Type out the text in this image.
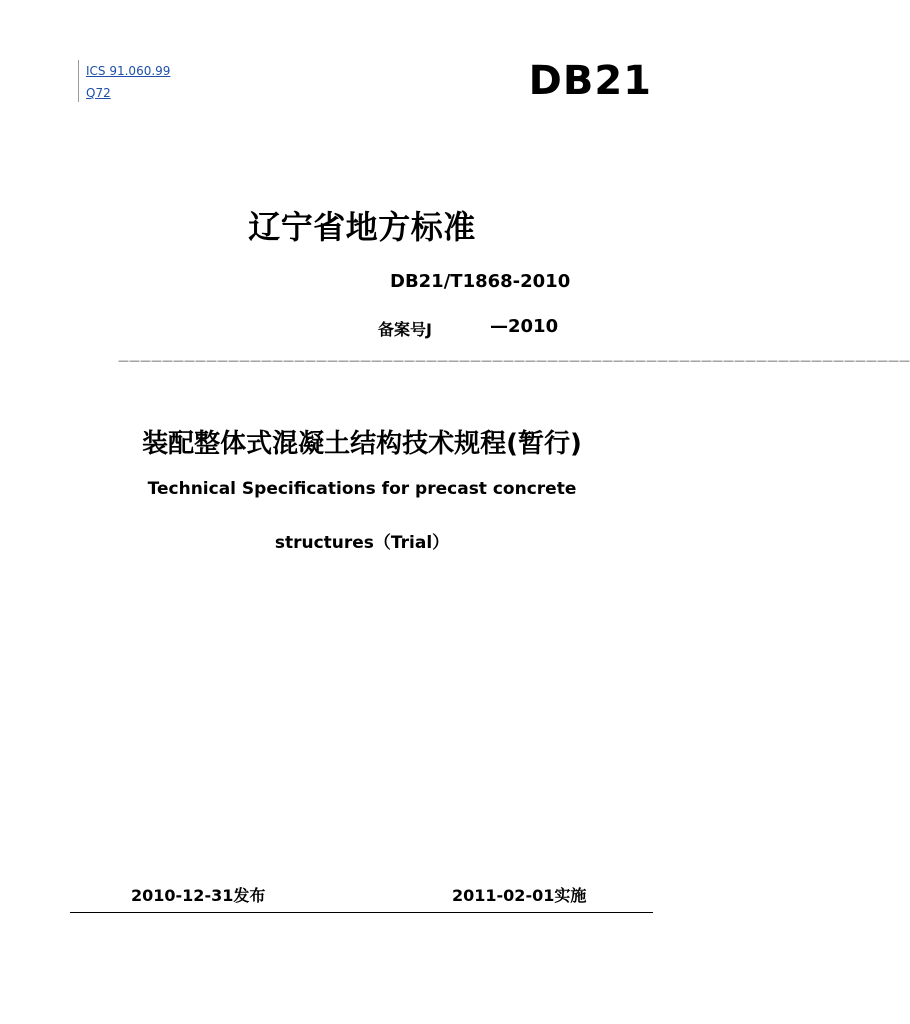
ICS 91.060.99
Q72	DB21
辽宁省地方标准
DB21/T1868-2010
备案号J	—2010
————————————————————————————————————————————————————————————————————————
装配整体式混凝土结构技术规程(暂行)
Technical Specifications for precast concrete
structures（Trial）
2010-12-31发布	2011-02-01实施
